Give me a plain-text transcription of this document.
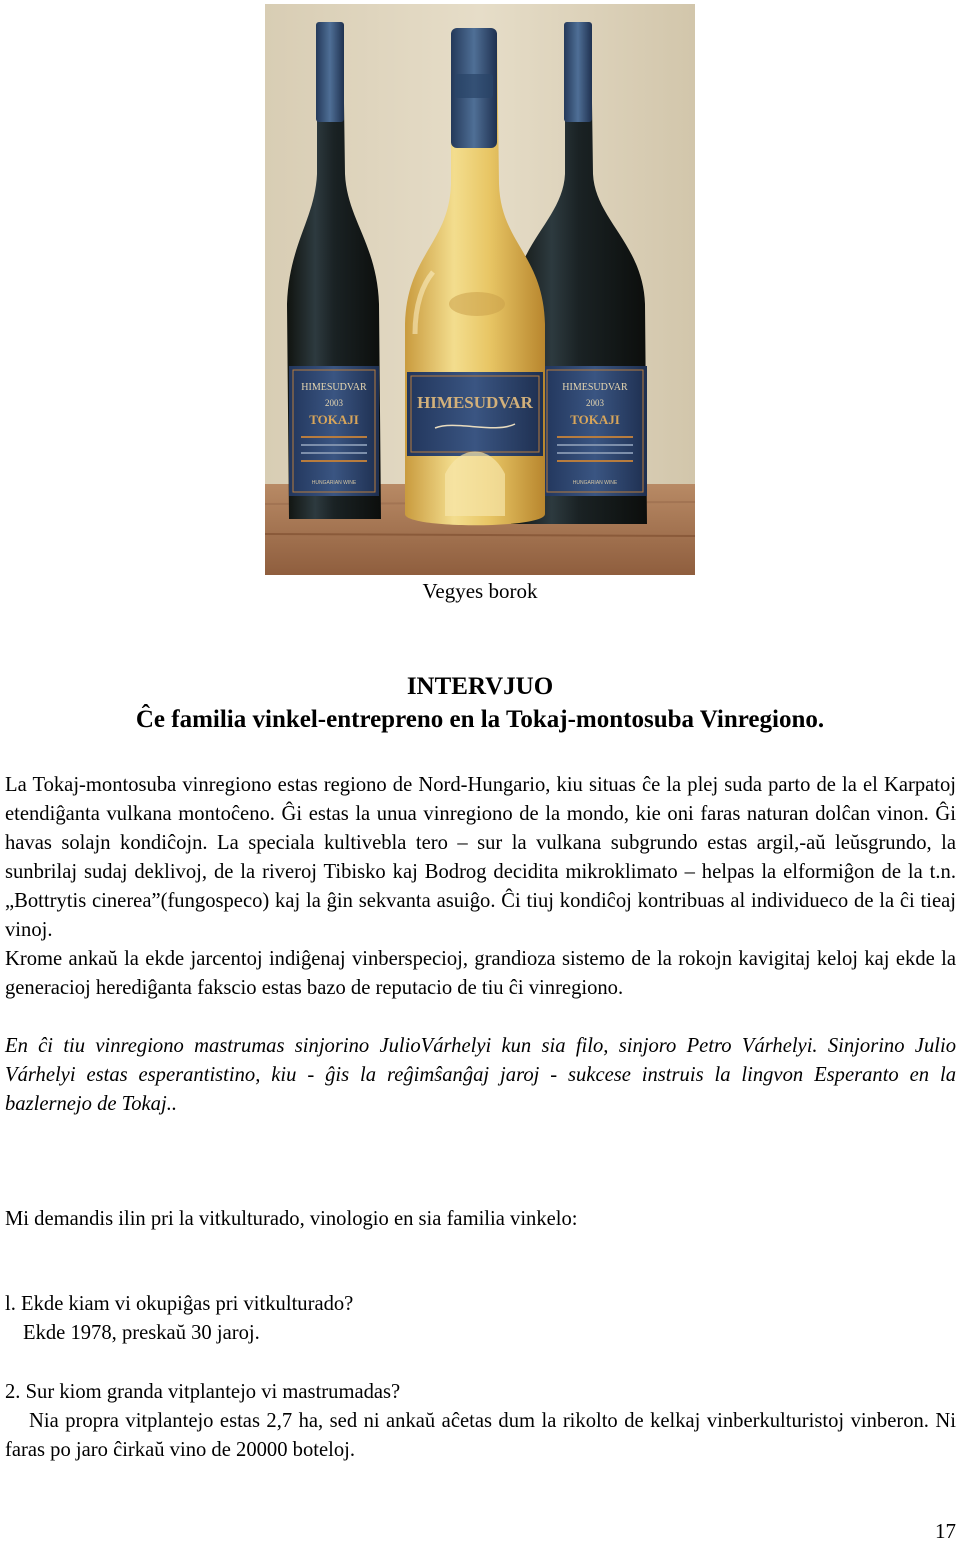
HIMESUDVAR
2003
TOKAJI
HUNGARIAN WINE
HIMESUDVAR
2003
TOKAJI
HUNGARIAN WINE
HIMESUDVAR
Vegyes borok
INTERVJUO
Ĉe familia vinkel-entrepreno en la Tokaj-montosuba Vinregiono.

La Tokaj-montosuba vinregiono estas regiono de Nord-Hungario, kiu situas ĉe la plej suda parto de la el Karpatoj etendiĝanta vulkana montoĉeno. Ĝi estas la unua vinregiono de la mondo, kie oni faras naturan dolĉan vinon. Ĝi havas solajn kondiĉojn. La speciala kultivebla tero – sur la vulkana subgrundo estas argil,-aŭ leŭsgrundo, la sunbrilaj sudaj deklivoj, de la riveroj Tibisko kaj Bodrog decidita mikroklimato – helpas la elformiĝon de la t.n. „Bottrytis cinerea”(fungospeco) kaj la ĝin sekvanta asuiĝo. Ĉi tiuj kondiĉoj kontribuas al individueco de la ĉi tieaj vinoj.

Krome ankaŭ la ekde jarcentoj indiĝenaj vinberspecioj, grandioza sistemo de la rokojn kavigitaj keloj kaj ekde la generacioj herediĝanta fakscio estas bazo de reputacio de tiu ĉi vinregiono.

En ĉi tiu vinregiono mastrumas sinjorino JulioVárhelyi kun sia filo, sinjoro Petro Várhelyi. Sinjorino Julio Várhelyi estas esperantistino, kiu - ĝis la reĝimŝanĝaj jaroj - sukcese instruis la lingvon Esperanto en la bazlernejo de Tokaj..

Mi demandis ilin pri la vitkulturado, vinologio en sia familia vinkelo:

l. Ekde kiam vi okupiĝas pri vitkulturado?

Ekde 1978, preskaŭ 30 jaroj.

2. Sur kiom granda vitplantejo vi mastrumadas?

Nia propra vitplantejo estas 2,7 ha, sed ni ankaŭ aĉetas dum la rikolto de kelkaj vinberkulturistoj vinberon. Ni faras po jaro ĉirkaŭ vino de 20000 boteloj.

17
